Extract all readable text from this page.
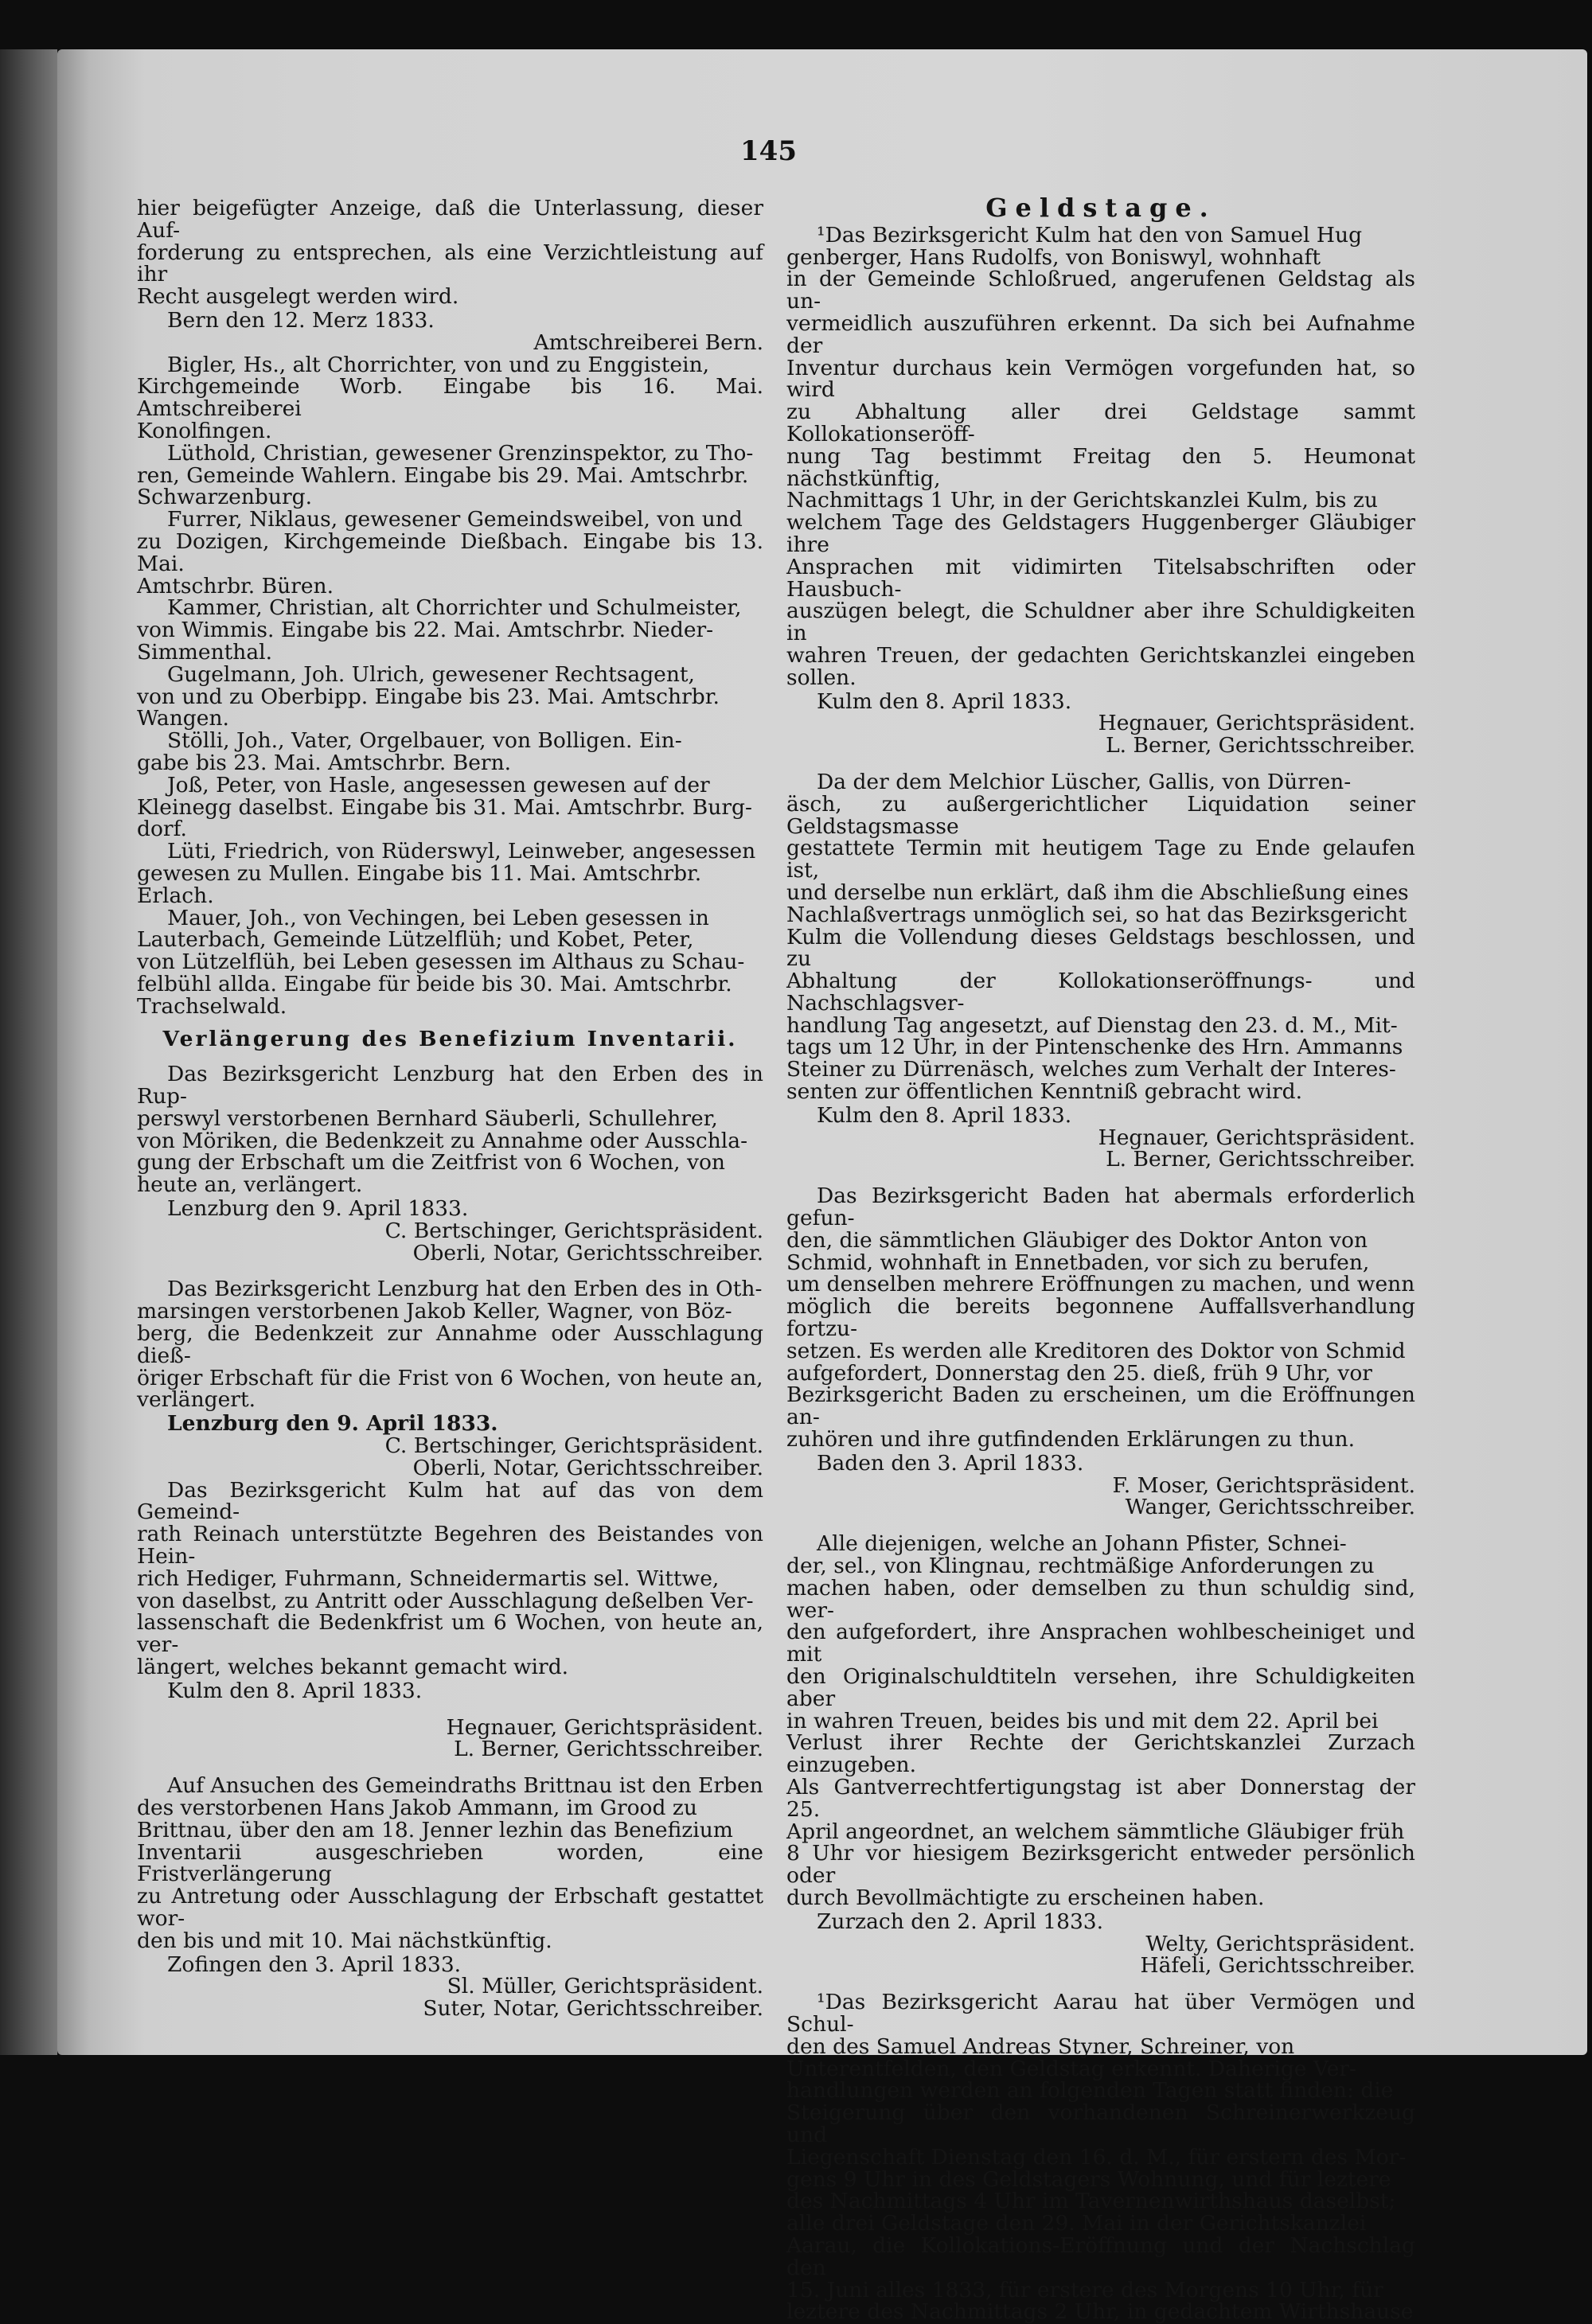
145

hier beigefügter Anzeige, daß die Unterlassung, dieser Auf-
forderung zu entsprechen, als eine Verzichtleistung auf ihr
Recht ausgelegt werden wird.

Bern den 12. Merz 1833.

Amtschreiberei Bern.

Bigler, Hs., alt Chorrichter, von und zu Enggistein,
Kirchgemeinde Worb. Eingabe bis 16. Mai. Amtschreiberei
Konolfingen.

Lüthold, Christian, gewesener Grenzinspektor, zu Tho-
ren, Gemeinde Wahlern. Eingabe bis 29. Mai. Amtschrbr.
Schwarzenburg.

Furrer, Niklaus, gewesener Gemeindsweibel, von und
zu Dozigen, Kirchgemeinde Dießbach. Eingabe bis 13. Mai.
Amtschrbr. Büren.

Kammer, Christian, alt Chorrichter und Schulmeister,
von Wimmis. Eingabe bis 22. Mai. Amtschrbr. Nieder-
Simmenthal.

Gugelmann, Joh. Ulrich, gewesener Rechtsagent,
von und zu Oberbipp. Eingabe bis 23. Mai. Amtschrbr.
Wangen.

Stölli, Joh., Vater, Orgelbauer, von Bolligen. Ein-
gabe bis 23. Mai. Amtschrbr. Bern.

Joß, Peter, von Hasle, angesessen gewesen auf der
Kleinegg daselbst. Eingabe bis 31. Mai. Amtschrbr. Burg-
dorf.

Lüti, Friedrich, von Rüderswyl, Leinweber, angesessen
gewesen zu Mullen. Eingabe bis 11. Mai. Amtschrbr.
Erlach.

Mauer, Joh., von Vechingen, bei Leben gesessen in
Lauterbach, Gemeinde Lützelflüh; und Kobet, Peter,
von Lützelflüh, bei Leben gesessen im Althaus zu Schau-
felbühl allda. Eingabe für beide bis 30. Mai. Amtschrbr.
Trachselwald.

Verlängerung des Benefizium Inventarii.

Das Bezirksgericht Lenzburg hat den Erben des in Rup-
perswyl verstorbenen Bernhard Säuberli, Schullehrer,
von Möriken, die Bedenkzeit zu Annahme oder Ausschla-
gung der Erbschaft um die Zeitfrist von 6 Wochen, von
heute an, verlängert.

Lenzburg den 9. April 1833.

C. Bertschinger, Gerichtspräsident.

Oberli, Notar, Gerichtsschreiber.

Das Bezirksgericht Lenzburg hat den Erben des in Oth-
marsingen verstorbenen Jakob Keller, Wagner, von Böz-
berg, die Bedenkzeit zur Annahme oder Ausschlagung dieß-
öriger Erbschaft für die Frist von 6 Wochen, von heute an,
verlängert.

Lenzburg den 9. April 1833.

C. Bertschinger, Gerichtspräsident.

Oberli, Notar, Gerichtsschreiber.

Das Bezirksgericht Kulm hat auf das von dem Gemeind-
rath Reinach unterstützte Begehren des Beistandes von Hein-
rich Hediger, Fuhrmann, Schneidermartis sel. Wittwe,
von daselbst, zu Antritt oder Ausschlagung deßelben Ver-
lassenschaft die Bedenkfrist um 6 Wochen, von heute an, ver-
längert, welches bekannt gemacht wird.

Kulm den 8. April 1833.

Hegnauer, Gerichtspräsident.

L. Berner, Gerichtsschreiber.

Auf Ansuchen des Gemeindraths Brittnau ist den Erben
des verstorbenen Hans Jakob Ammann, im Grood zu
Brittnau, über den am 18. Jenner lezhin das Benefizium
Inventarii ausgeschrieben worden, eine Fristverlängerung
zu Antretung oder Ausschlagung der Erbschaft gestattet wor-
den bis und mit 10. Mai nächstkünftig.

Zofingen den 3. April 1833.

Sl. Müller, Gerichtspräsident.

Suter, Notar, Gerichtsschreiber.

Geldstage.

¹Das Bezirksgericht Kulm hat den von Samuel Hug
genberger, Hans Rudolfs, von Boniswyl, wohnhaft
in der Gemeinde Schloßrued, angerufenen Geldstag als un-
vermeidlich auszuführen erkennt. Da sich bei Aufnahme der
Inventur durchaus kein Vermögen vorgefunden hat, so wird
zu Abhaltung aller drei Geldstage sammt Kollokationseröff-
nung Tag bestimmt Freitag den 5. Heumonat nächstkünftig,
Nachmittags 1 Uhr, in der Gerichtskanzlei Kulm, bis zu
welchem Tage des Geldstagers Huggenberger Gläubiger ihre
Ansprachen mit vidimirten Titelsabschriften oder Hausbuch-
auszügen belegt, die Schuldner aber ihre Schuldigkeiten in
wahren Treuen, der gedachten Gerichtskanzlei eingeben sollen.

Kulm den 8. April 1833.

Hegnauer, Gerichtspräsident.

L. Berner, Gerichtsschreiber.

Da der dem Melchior Lüscher, Gallis, von Dürren-
äsch, zu außergerichtlicher Liquidation seiner Geldstagsmasse
gestattete Termin mit heutigem Tage zu Ende gelaufen ist,
und derselbe nun erklärt, daß ihm die Abschließung eines
Nachlaßvertrags unmöglich sei, so hat das Bezirksgericht
Kulm die Vollendung dieses Geldstags beschlossen, und zu
Abhaltung der Kollokationseröffnungs- und Nachschlagsver-
handlung Tag angesetzt, auf Dienstag den 23. d. M., Mit-
tags um 12 Uhr, in der Pintenschenke des Hrn. Ammanns
Steiner zu Dürrenäsch, welches zum Verhalt der Interes-
senten zur öffentlichen Kenntniß gebracht wird.

Kulm den 8. April 1833.

Hegnauer, Gerichtspräsident.

L. Berner, Gerichtsschreiber.

Das Bezirksgericht Baden hat abermals erforderlich gefun-
den, die sämmtlichen Gläubiger des Doktor Anton von
Schmid, wohnhaft in Ennetbaden, vor sich zu berufen,
um denselben mehrere Eröffnungen zu machen, und wenn
möglich die bereits begonnene Auffallsverhandlung fortzu-
setzen. Es werden alle Kreditoren des Doktor von Schmid
aufgefordert, Donnerstag den 25. dieß, früh 9 Uhr, vor
Bezirksgericht Baden zu erscheinen, um die Eröffnungen an-
zuhören und ihre gutfindenden Erklärungen zu thun.

Baden den 3. April 1833.

F. Moser, Gerichtspräsident.

Wanger, Gerichtsschreiber.

Alle diejenigen, welche an Johann Pfister, Schnei-
der, sel., von Klingnau, rechtmäßige Anforderungen zu
machen haben, oder demselben zu thun schuldig sind, wer-
den aufgefordert, ihre Ansprachen wohlbescheiniget und mit
den Originalschuldtiteln versehen, ihre Schuldigkeiten aber
in wahren Treuen, beides bis und mit dem 22. April bei
Verlust ihrer Rechte der Gerichtskanzlei Zurzach einzugeben.
Als Gantverrechtfertigungstag ist aber Donnerstag der 25.
April angeordnet, an welchem sämmtliche Gläubiger früh
8 Uhr vor hiesigem Bezirksgericht entweder persönlich oder
durch Bevollmächtigte zu erscheinen haben.

Zurzach den 2. April 1833.

Welty, Gerichtspräsident.

Häfeli, Gerichtsschreiber.

¹Das Bezirksgericht Aarau hat über Vermögen und Schul-
den des Samuel Andreas Styner, Schreiner, von
Unterentfelden, den Geldstag erkennt. Daherige Ver-
handlungen werden an folgenden Tagen statt finden: die
Steigerung über den vorhandenen Schreinerwerkzeug und
Liegenschaft Dienstag den 16. d. M., für erstern des Mor-
gens 9 Uhr in des Geldstagers Wohnung, und für leztere
des Nachmittags 4 Uhr im Tavernenwirthshaus daselbst;
alle drei Geldstage den 29. Mai in der Gerichtskanzlei
Aarau, die Kollokations-Eröffnung und der Nachschlag den
15. Juni alles 1833, für erstere des Morgens 10 Uhr, für
leztere des Nachmittags 2 Uhr, in gedachtem Wirthshause
